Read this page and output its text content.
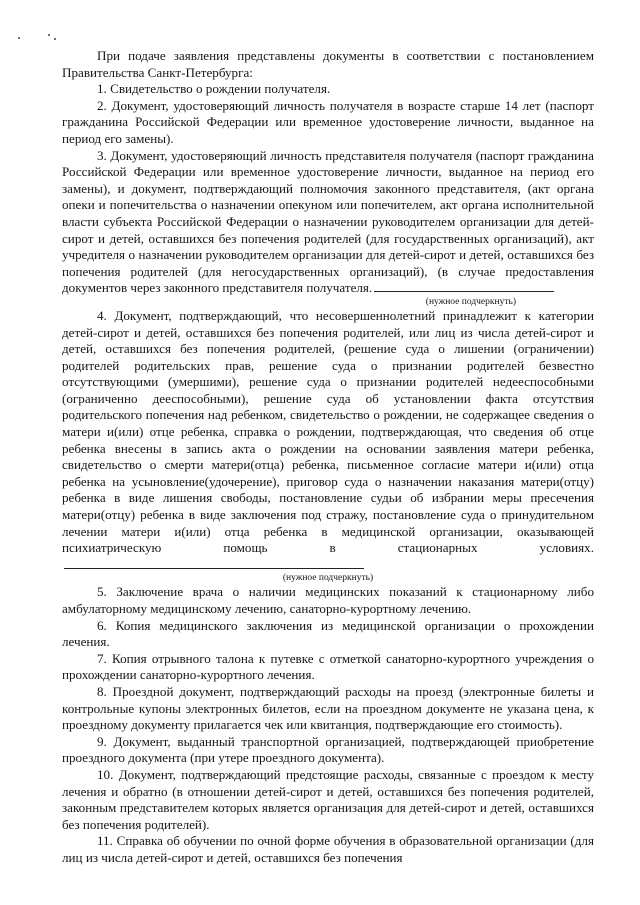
При подаче заявления представлены документы в соответствии с постановлением Правительства Санкт-Петербурга:

1. Свидетельство о рождении получателя.

2. Документ, удостоверяющий личность получателя в возрасте старше 14 лет (паспорт гражданина Российской Федерации или временное удостоверение личности, выданное на период его замены).

3. Документ, удостоверяющий личность представителя получателя (паспорт гражданина Российской Федерации или временное удостоверение личности, выданное на период его замены), и документ, подтверждающий полномочия законного представителя, (акт органа опеки и попечительства о назначении опекуном или попечителем, акт органа исполнительной власти субъекта Российской Федерации о назначении руководителем организации для детей-сирот и детей, оставшихся без попечения родителей (для государственных организаций), акт учредителя о назначении руководителем организации для детей-сирот и детей, оставшихся без попечения родителей (для негосударственных организаций), (в случае предоставления документов через законного представителя получателя.

(нужное подчеркнуть)

4. Документ, подтверждающий, что несовершеннолетний принадлежит к категории детей-сирот и детей, оставшихся без попечения родителей, или лиц из числа детей-сирот и детей, оставшихся без попечения родителей, (решение суда о лишении (ограничении) родителей родительских прав, решение суда о признании родителей безвестно отсутствующими (умершими), решение суда о признании родителей недееспособными (ограниченно дееспособными), решение суда об установлении факта отсутствия родительского попечения над ребенком, свидетельство о рождении, не содержащее сведения о матери и(или) отце ребенка, справка о рождении, подтверждающая, что сведения об отце ребенка внесены в запись акта о рождении на основании заявления матери ребенка, свидетельство о смерти матери(отца) ребенка, письменное согласие матери и(или) отца ребенка на усыновление(удочерение), приговор суда о назначении наказания матери(отцу) ребенка в виде лишения свободы, постановление судьи об избрании меры пресечения матери(отцу) ребенка в виде заключения под стражу, постановление суда о принудительном лечении матери и(или) отца ребенка в медицинской организации, оказывающей психиатрическую помощь в стационарных условиях.

(нужное подчеркнуть)

5. Заключение врача о наличии медицинских показаний к стационарному либо амбулаторному медицинскому лечению, санаторно-курортному лечению.

6. Копия медицинского заключения из медицинской организации о прохождении лечения.

7. Копия отрывного талона к путевке с отметкой санаторно-курортного учреждения о прохождении санаторно-курортного лечения.

8. Проездной документ, подтверждающий расходы на проезд (электронные билеты и контрольные купоны электронных билетов, если на проездном документе не указана цена, к проездному документу прилагается чек или квитанция, подтверждающие его стоимость).

9. Документ, выданный транспортной организацией, подтверждающей приобретение проездного документа (при утере проездного документа).

10. Документ, подтверждающий предстоящие расходы, связанные с проездом к месту лечения и обратно (в отношении детей-сирот и детей, оставшихся без попечения родителей, законным представителем которых является организация для детей-сирот и детей, оставшихся без попечения родителей).

11. Справка об обучении по очной форме обучения в образовательной организации (для лиц из числа детей-сирот и детей, оставшихся без попечения
